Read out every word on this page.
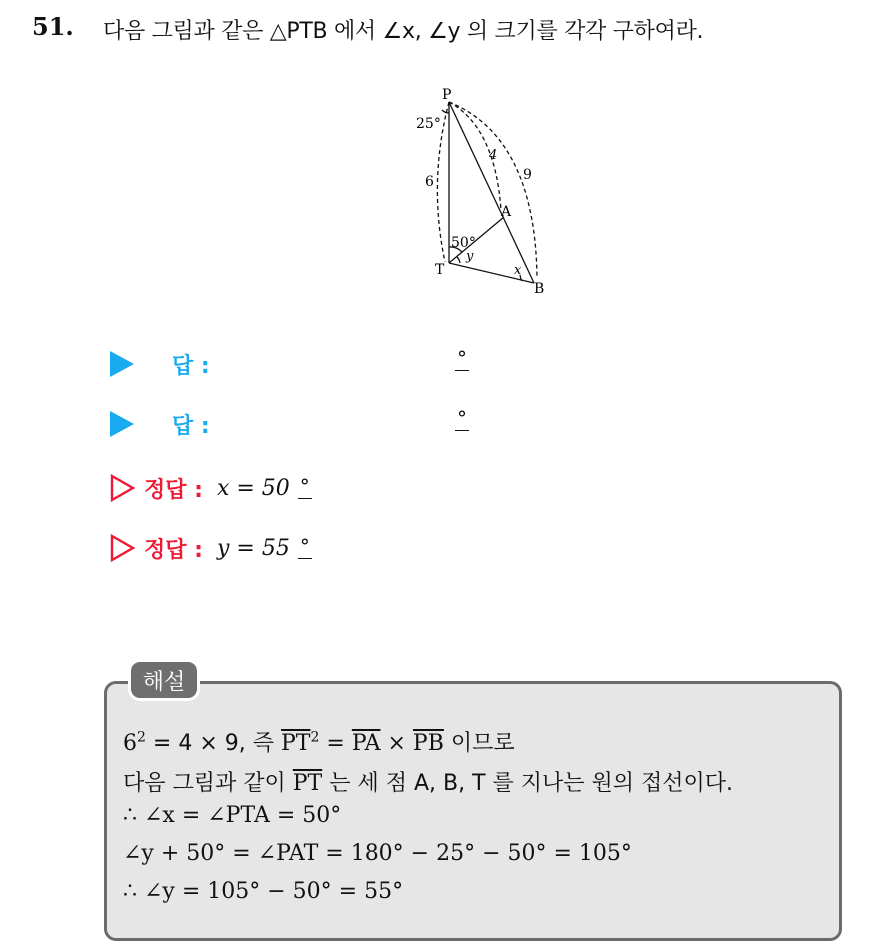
51. 다음 그림과 같은 △PTB 에서 ∠x, ∠y 의 크기를 각각 구하여라.
P
T
A
B
25°
50°
y
x
6
4
9
답 :	°
답 :	°
정답 : x = 50 °
정답 : y = 55 °
해설
$6^2 = 4 \times 9$, 즉 $\overline{PT}^2 = \overline{PA} \times \overline{PB}$ 이므로
다음 그림과 같이 $\overline{PT}$ 는 세 점 A, B, T 를 지나는 원의 접선이다.
∴ ∠x = ∠PTA = 50°
∠y + 50° = ∠PAT = 180° − 25° − 50° = 105°
∴ ∠y = 105° − 50° = 55°
